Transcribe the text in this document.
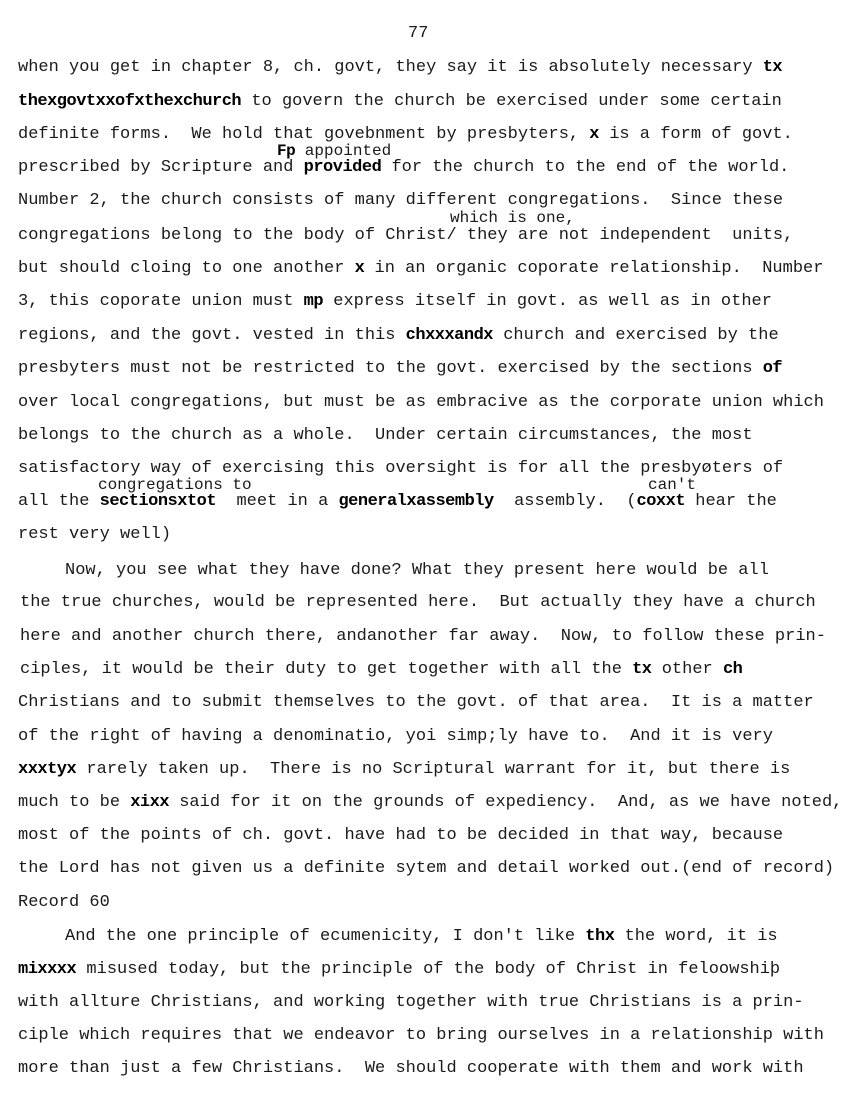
77
when you get in chapter 8, ch. govt, they say it is absolutely necessary tx
thexgovtxxofxthexchurch to govern the church be exercised under some certain
definite forms.  We hold that govebnment by presbyters, x is a form of govt.
Fp appointed
prescribed by Scripture and provided for the church to the end of the world.
Number 2, the church consists of many different congregations.  Since these
which is one,
congregations belong to the body of Christ/ they are not independent  units,
but should cloing to one another x in an organic coporate relationship.  Number
3, this coporate union must mp express itself in govt. as well as in other
regions, and the govt. vested in this chxxxandx church and exercised by the
presbyters must not be restricted to the govt. exercised by the sections of
over local congregations, but must be as embracive as the corporate union which
belongs to the church as a whole.  Under certain circumstances, the most
satisfactory way of exercising this oversight is for all the presbyøters of
congregations to	can't
all the sectionsxtot  meet in a generalxassembly  assembly.  (coxxt hear the
rest very well)
Now, you see what they have done? What they present here would be all
the true churches, would be represented here.  But actually they have a church
here and another church there, andanother far away.  Now, to follow these prin-
ciples, it would be their duty to get together with all the tx other ch
Christians and to submit themselves to the govt. of that area.  It is a matter
of the right of having a denominatio, yoi simp;ly have to.  And it is very
xxxtyx rarely taken up.  There is no Scriptural warrant for it, but there is
much to be xixx said for it on the grounds of expediency.  And, as we have noted,
most of the points of ch. govt. have had to be decided in that way, because
the Lord has not given us a definite sytem and detail worked out.(end of record)
Record 60
And the one principle of ecumenicity, I don't like thx the word, it is
mixxxx misused today, but the principle of the body of Christ in feloowshiþ
with allture Christians, and working together with true Christians is a prin-
ciple which requires that we endeavor to bring ourselves in a relationship with
more than just a few Christians.  We should cooperate with them and work with
